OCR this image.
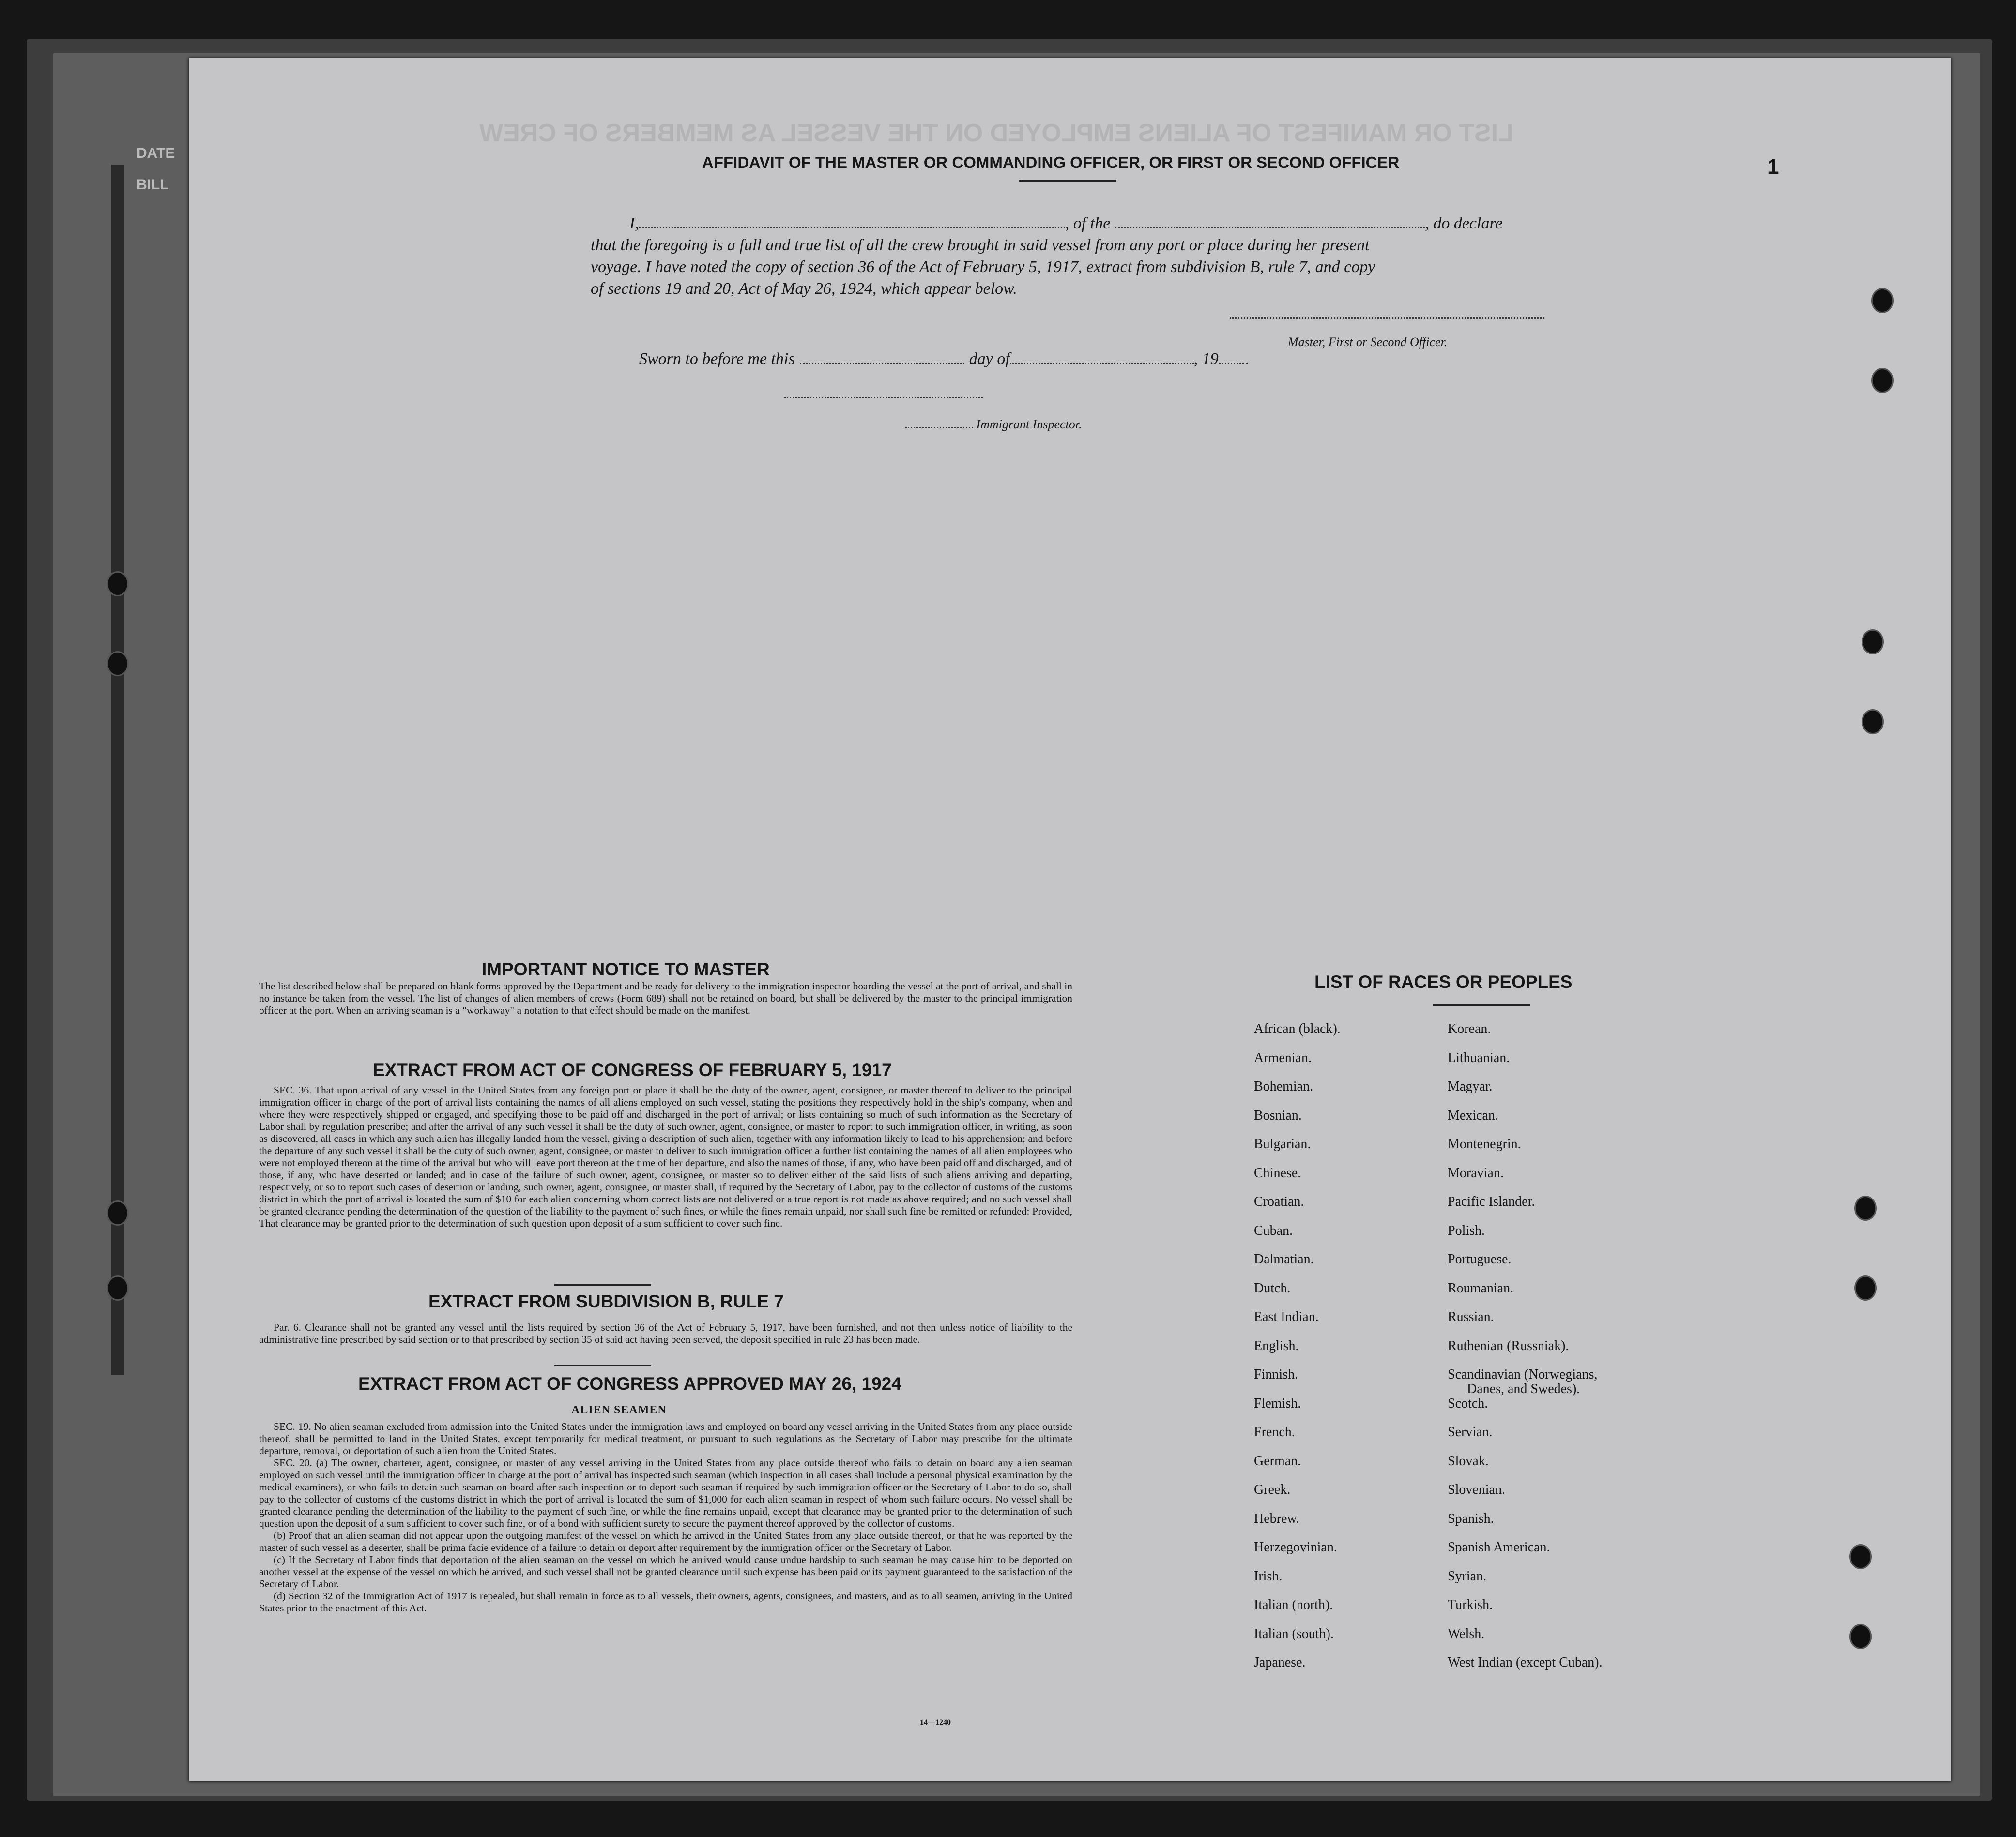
DATE
BILL
LIST OR MANIFEST OF ALIENS EMPLOYED ON THE VESSEL AS MEMBERS OF CREW
1
AFFIDAVIT OF THE MASTER OR COMMANDING OFFICER, OR FIRST OR SECOND OFFICER
I,	, of the	, do declare
that the foregoing is a full and true list of all the crew brought in said vessel from any port or place during her present
voyage. I have noted the copy of section 36 of the Act of February 5, 1917, extract from subdivision B, rule 7, and copy
of sections 19 and 20, Act of May 26, 1924, which appear below.
Master, First or Second Officer.
Sworn to before me this	day of	, 19
Immigrant Inspector.
IMPORTANT NOTICE TO MASTER
The list described below shall be prepared on blank forms approved by the Department and be ready for delivery to the immigration inspector boarding the vessel at the port of arrival, and shall in no instance be taken from the vessel. The list of changes of alien members of crews (Form 689) shall not be retained on board, but shall be delivered by the master to the principal immigration officer at the port. When an arriving seaman is a "workaway" a notation to that effect should be made on the manifest.
EXTRACT FROM ACT OF CONGRESS OF FEBRUARY 5, 1917

SEC. 36. That upon arrival of any vessel in the United States from any foreign port or place it shall be the duty of the owner, agent, consignee, or master thereof to deliver to the principal immigration officer in charge of the port of arrival lists containing the names of all aliens employed on such vessel, stating the positions they respectively hold in the ship's company, when and where they were respectively shipped or engaged, and specifying those to be paid off and discharged in the port of arrival; or lists containing so much of such information as the Secretary of Labor shall by regulation prescribe; and after the arrival of any such vessel it shall be the duty of such owner, agent, consignee, or master to report to such immigration officer, in writing, as soon as discovered, all cases in which any such alien has illegally landed from the vessel, giving a description of such alien, together with any information likely to lead to his apprehension; and before the departure of any such vessel it shall be the duty of such owner, agent, consignee, or master to deliver to such immigration officer a further list containing the names of all alien employees who were not employed thereon at the time of the arrival but who will leave port thereon at the time of her departure, and also the names of those, if any, who have been paid off and discharged, and of those, if any, who have deserted or landed; and in case of the failure of such owner, agent, consignee, or master so to deliver either of the said lists of such aliens arriving and departing, respectively, or so to report such cases of desertion or landing, such owner, agent, consignee, or master shall, if required by the Secretary of Labor, pay to the collector of customs of the customs district in which the port of arrival is located the sum of $10 for each alien concerning whom correct lists are not delivered or a true report is not made as above required; and no such vessel shall be granted clearance pending the determination of the question of the liability to the payment of such fines, or while the fines remain unpaid, nor shall such fine be remitted or refunded: Provided, That clearance may be granted prior to the determination of such question upon deposit of a sum sufficient to cover such fine.

EXTRACT FROM SUBDIVISION B, RULE 7

Par. 6. Clearance shall not be granted any vessel until the lists required by section 36 of the Act of February 5, 1917, have been furnished, and not then unless notice of liability to the administrative fine prescribed by said section or to that prescribed by section 35 of said act having been served, the deposit specified in rule 23 has been made.

EXTRACT FROM ACT OF CONGRESS APPROVED MAY 26, 1924
ALIEN SEAMEN

SEC. 19. No alien seaman excluded from admission into the United States under the immigration laws and employed on board any vessel arriving in the United States from any place outside thereof, shall be permitted to land in the United States, except temporarily for medical treatment, or pursuant to such regulations as the Secretary of Labor may prescribe for the ultimate departure, removal, or deportation of such alien from the United States.

SEC. 20. (a) The owner, charterer, agent, consignee, or master of any vessel arriving in the United States from any place outside thereof who fails to detain on board any alien seaman employed on such vessel until the immigration officer in charge at the port of arrival has inspected such seaman (which inspection in all cases shall include a personal physical examination by the medical examiners), or who fails to detain such seaman on board after such inspection or to deport such seaman if required by such immigration officer or the Secretary of Labor to do so, shall pay to the collector of customs of the customs district in which the port of arrival is located the sum of $1,000 for each alien seaman in respect of whom such failure occurs. No vessel shall be granted clearance pending the determination of the liability to the payment of such fine, or while the fine remains unpaid, except that clearance may be granted prior to the determination of such question upon the deposit of a sum sufficient to cover such fine, or of a bond with sufficient surety to secure the payment thereof approved by the collector of customs.

(b) Proof that an alien seaman did not appear upon the outgoing manifest of the vessel on which he arrived in the United States from any place outside thereof, or that he was reported by the master of such vessel as a deserter, shall be prima facie evidence of a failure to detain or deport after requirement by the immigration officer or the Secretary of Labor.

(c) If the Secretary of Labor finds that deportation of the alien seaman on the vessel on which he arrived would cause undue hardship to such seaman he may cause him to be deported on another vessel at the expense of the vessel on which he arrived, and such vessel shall not be granted clearance until such expense has been paid or its payment guaranteed to the satisfaction of the Secretary of Labor.

(d) Section 32 of the Immigration Act of 1917 is repealed, but shall remain in force as to all vessels, their owners, agents, consignees, and masters, and as to all seamen, arriving in the United States prior to the enactment of this Act.

14—1240
LIST OF RACES OR PEOPLES
African (black).
Armenian.
Bohemian.
Bosnian.
Bulgarian.
Chinese.
Croatian.
Cuban.
Dalmatian.
Dutch.
East Indian.
English.
Finnish.
Flemish.
French.
German.
Greek.
Hebrew.
Herzegovinian.
Irish.
Italian (north).
Italian (south).
Japanese.
Korean.
Lithuanian.
Magyar.
Mexican.
Montenegrin.
Moravian.
Pacific Islander.
Polish.
Portuguese.
Roumanian.
Russian.
Ruthenian (Russniak).
Scandinavian (Norwegians,
Danes, and Swedes).
Scotch.
Servian.
Slovak.
Slovenian.
Spanish.
Spanish American.
Syrian.
Turkish.
Welsh.
West Indian (except Cuban).
